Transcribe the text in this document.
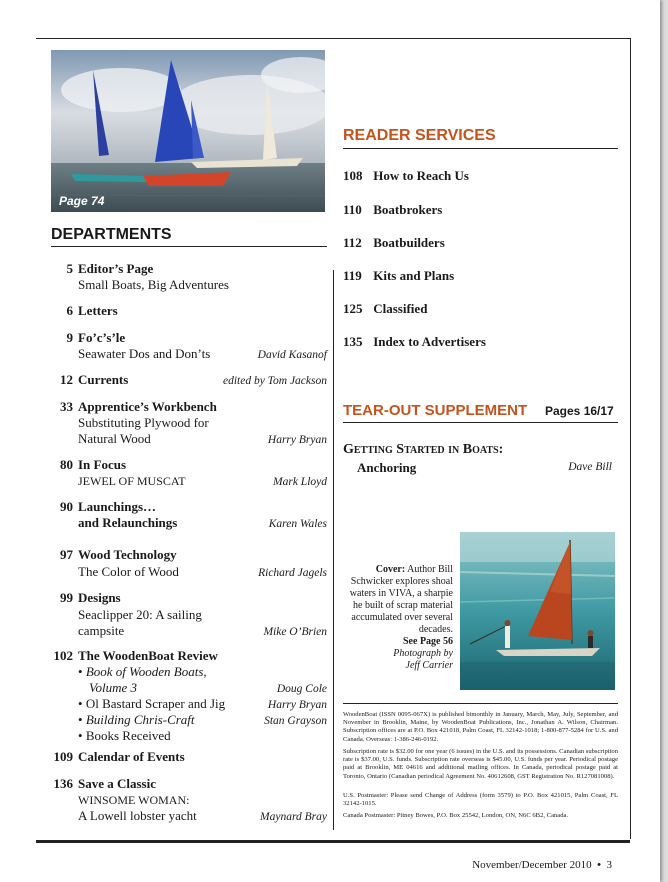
Page 74
DEPARTMENTS
5 Editor’s Page
Small Boats, Big Adventures
6 Letters
9 Fo’c’s’le
Seawater Dos and Don’ts	David Kasanof
12 Currents	edited by Tom Jackson
33 Apprentice’s Workbench
Substituting Plywood for
Natural Wood	Harry Bryan
80 In Focus
JEWEL OF MUSCAT	Mark Lloyd
90 Launchings…
and Relaunchings	Karen Wales
97 Wood Technology
The Color of Wood	Richard Jagels
99 Designs
Seaclipper 20: A sailing
campsite	Mike O’Brien
102 The WoodenBoat Review
• Book of Wooden Boats,
Volume 3	Doug Cole
• Ol Bastard Scraper and Jig	Harry Bryan
• Building Chris-Craft	Stan Grayson
• Books Received
109 Calendar of Events
136 Save a Classic
WINSOME WOMAN:
A Lowell lobster yacht	Maynard Bray
READER SERVICES
108 How to Reach Us
110 Boatbrokers
112 Boatbuilders
119 Kits and Plans
125 Classified
135 Index to Advertisers
TEAR-OUT SUPPLEMENT Pages 16/17
Getting Started in Boats:
Anchoring	Dave Bill
Cover: Author Bill Schwicker explores shoal waters in VIVA, a sharpie he built of scrap material accumulated over several decades.
See Page 56
Photograph by
Jeff Carrier
WoodenBoat (ISSN 0095-067X) is published bimonthly in January, March, May, July, September, and November in Brooklin, Maine, by WoodenBoat Publications, Inc., Jonathan A. Wilson, Chairman. Subscription offices are at P.O. Box 421018, Palm Coast, FL 32142-1018; 1-800-877-5284 for U.S. and Canada. Overseas: 1-386-246-0192.
Subscription rate is $32.00 for one year (6 issues) in the U.S. and its possessions. Canadian subscription rate is $37.00, U.S. funds. Subscription rate overseas is $45.00, U.S. funds per year. Periodical postage paid at Brooklin, ME 04616 and additional mailing offices. In Canada, periodical postage paid at Toronto, Ontario (Canadian periodical Agreement No. 40612608, GST Registration No. R127081008).
U.S. Postmaster: Please send Change of Address (form 3579) to P.O. Box 421015, Palm Coast, FL 32142-1015.
Canada Postmaster: Pitney Bowes, P.O. Box 25542, London, ON, N6C 6B2, Canada.
November/December 2010 • 3
